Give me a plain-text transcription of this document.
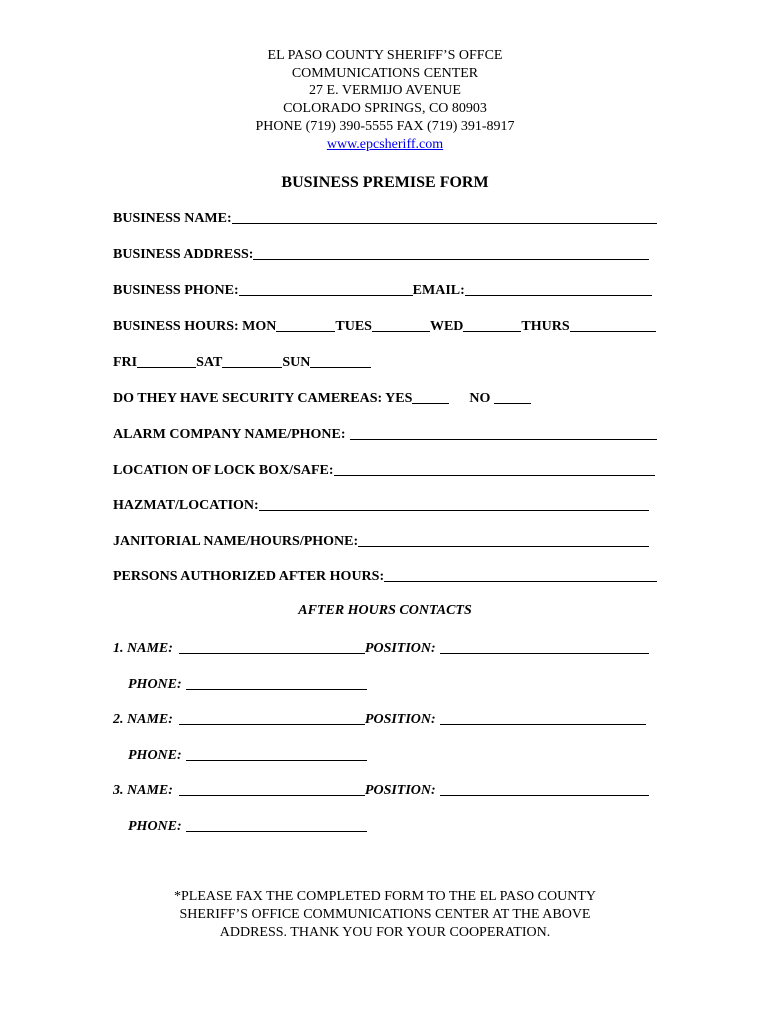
EL PASO COUNTY SHERIFF’S OFFCE
COMMUNICATIONS CENTER
27 E. VERMIJO AVENUE
COLORADO SPRINGS, CO 80903
PHONE (719) 390-5555 FAX (719) 391-8917
www.epcsheriff.com
BUSINESS PREMISE FORM
BUSINESS NAME:
BUSINESS ADDRESS:
BUSINESS PHONE:	EMAIL:
BUSINESS HOURS: MON	TUES	WED	THURS
FRI	SAT	SUN
DO THEY HAVE SECURITY CAMEREAS: YES	NO
ALARM COMPANY NAME/PHONE:
LOCATION OF LOCK BOX/SAFE:
HAZMAT/LOCATION:
JANITORIAL NAME/HOURS/PHONE:
PERSONS AUTHORIZED AFTER HOURS:
AFTER HOURS CONTACTS
1. NAME:	POSITION:
PHONE:
2. NAME:	POSITION:
PHONE:
3. NAME:	POSITION:
PHONE:
*PLEASE FAX THE COMPLETED FORM TO THE EL PASO COUNTY
SHERIFF’S OFFICE COMMUNICATIONS CENTER AT THE ABOVE
ADDRESS. THANK YOU FOR YOUR COOPERATION.
